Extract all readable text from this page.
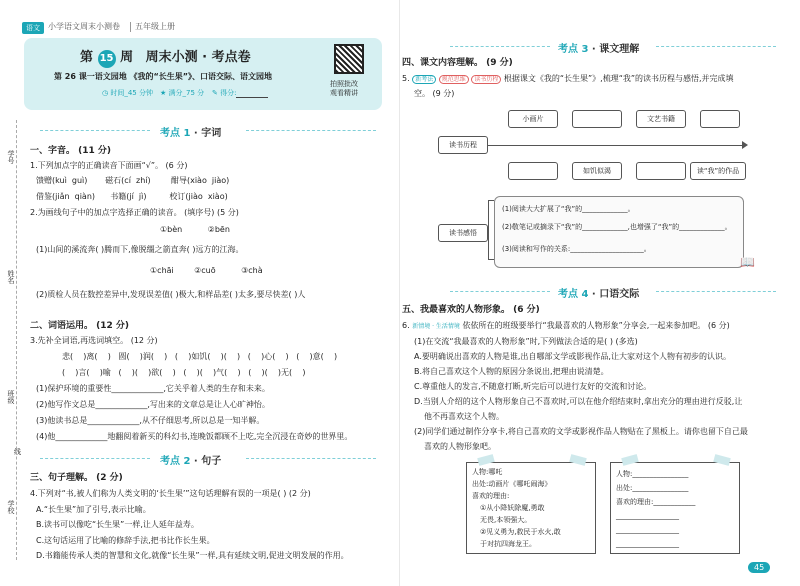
语文	小学语文周末小测卷	五年级上册
第 15 周 周末小测 · 考点卷
第 26 课一语文园地 《我的“长生果”》、口语交际、语文园地
◷ 时间_45 分钟 ★ 满分_75 分 ✎ 得分:
拍照批改
观看精讲
学号
姓名
班级
学校
线
考点 1 · 字词
一、字音。 (11 分)
1.下列加点字的正确读音下面画“√”。 (6 分)
馈赠(kuì  guì)       磁石(cí  zhí)        酣导(xiào  jiào)
借鉴(jiǎn  qiàn)      书籍(jí  jì)         校订(jiào  xiào)
2.为画线句子中的加点字选择正确的读音。 (填序号) (5 分)
①bèn          ②bēn
(1)山间的溪流奔( )腾而下,像脱缰之箭直奔( )远方的江海。
①chāi        ②cuō          ③chà
(2)质检人员在数控差异中,发现误差值( )极大,和样品差( )太多,要尽快差( )人
二、词语运用。 (12 分)
3.先补全词语,再选词填空。 (12 分)
悲(    )离(    )   圆(    )润(    )   (    )如饥(    )(    )   (    )心(    )   (    )意(    )
(    )言(    )喻   (    )(    )欲(    )   (    )(    )气(    )   (    )(    )无(    )
(1)保护环境的重要性_____________,它关乎着人类的生存和未来。
(2)他写作文总是_____________,写出来的文章总是让人心旷神怡。
(3)他读书总是_____________,从不仔细思考,所以总是一知半解。
(4)他_____________地翻阅着新买的科幻书,连晚饭都顾不上吃,完全沉浸在奇妙的世界里。
考点 2 · 句子
三、句子理解。 (2 分)
4.下列对“书,被人们称为人类文明的‘长生果’”这句话理解有误的一项是( ) (2 分)
A.“长生果”加了引号,表示比喻。
B.读书可以像吃“长生果”一样,让人延年益寿。
C.这句话运用了比喻的修辞手法,把书比作长生果。
D.书籍能传承人类的智慧和文化,就像“长生果”一样,具有延续文明,促进文明发展的作用。
考点 3 · 课文理解
四、课文内容理解。 (9 分)
5. 新考法 规范思维 读书历程 根据课文《我的“长生果”》,梳理“我”的读书历程与感悟,并完成填
空。 (9 分)
读书历程
小画片	文艺书籍
如饥似渴	读“我”的作品
读书感悟
(1)阅读大大扩展了“我”的_____________。
(2)敬笔记或摘录下“我”的_____________,也增强了“我”的_____________。
(3)阅读和写作的关系:_____________________。
📖
考点 4 · 口语交际
五、我最喜欢的人物形象。 (6 分)
6. 新情境 · 生活情境 依依所在的班级要举行“我最喜欢的人物形象”分享会,一起来参加吧。 (6 分)
(1)在交流“我最喜欢的人物形象”时,下列做法合适的是( ) (多选)
A.要明确说出喜欢的人物是谁,出自哪部文学或影视作品,让大家对这个人物有初步的认识。
B.将自己喜欢这个人物的原因分条说出,把理由说清楚。
C.尊重他人的发言,不随意打断,听完后可以进行友好的交流和讨论。
D.当别人介绍的这个人物形象自己不喜欢时,可以在他介绍结束时,拿出充分的理由进行反驳,让
他不再喜欢这个人物。
(2)同学们通过制作分享卡,将自己喜欢的文学或影视作品人物贴在了黑板上。请你也留下自己最
喜欢的人物形象吧。
人物:哪吒
出处:动画片《哪吒闹海》
喜欢的理由:
①从小降妖除魔,勇敢
无畏,本领强大。
②见义勇为,救民于水火,敢
于对抗四海龙王。
人物:________________
出处:________________
喜欢的理由:____________
__________________
__________________
__________________
45
